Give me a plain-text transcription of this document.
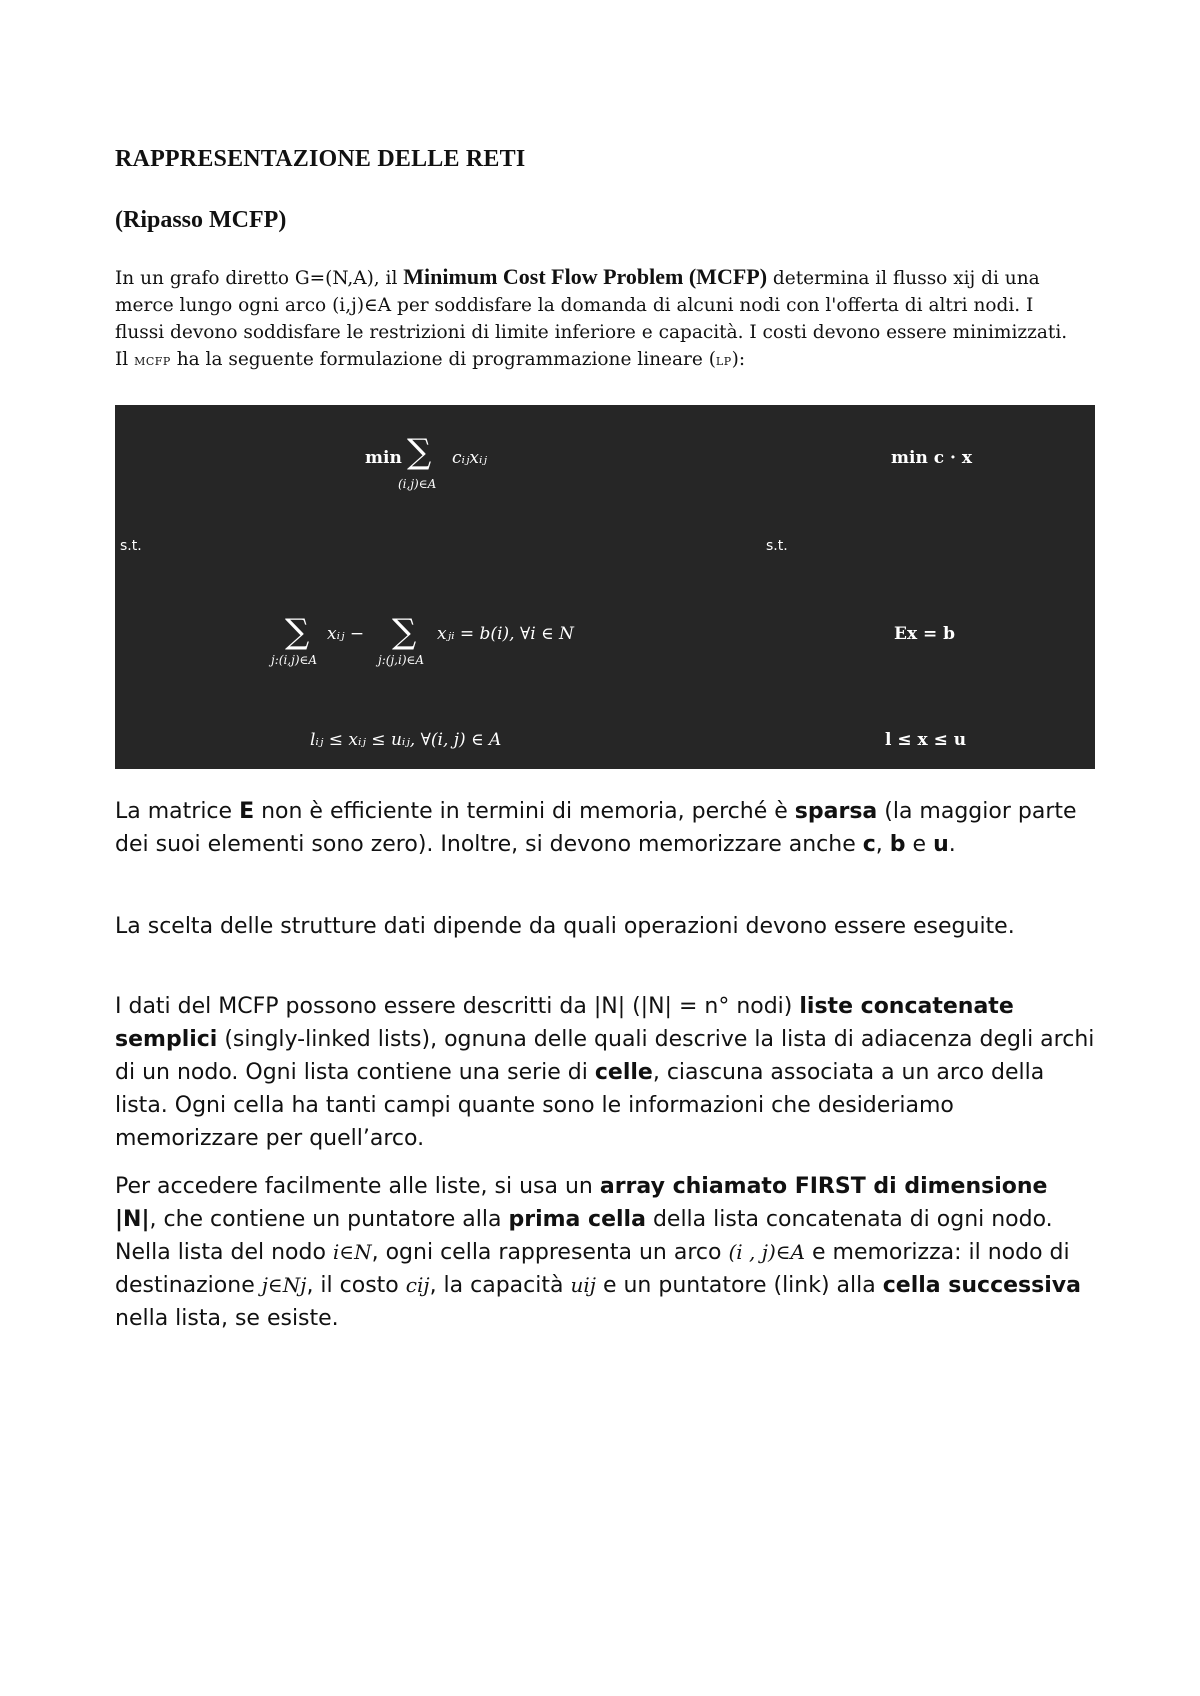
RAPPRESENTAZIONE DELLE RETI
(Ripasso MCFP)

In un grafo diretto G=(N,A), il Minimum Cost Flow Problem (MCFP) determina il flusso xij di una merce lungo ogni arco (i,j)∈A per soddisfare la domanda di alcuni nodi con l'offerta di altri nodi. I flussi devono soddisfare le restrizioni di limite inferiore e capacità. I costi devono essere minimizzati. Il mcfp ha la seguente formulazione di programmazione lineare (lp):

min ∑
(i,j)∈A
cᵢⱼxᵢⱼ
s.t.	s.t.
∑
j:(i,j)∈A
xᵢⱼ − ∑
j:(j,i)∈A
xⱼᵢ = b(i), ∀i ∈ N
lᵢⱼ ≤ xᵢⱼ ≤ uᵢⱼ, ∀(i, j) ∈ A
min c · x
Ex = b
l ≤ x ≤ u

La matrice E non è efficiente in termini di memoria, perché è sparsa (la maggior parte dei suoi elementi sono zero). Inoltre, si devono memorizzare anche c, b e u.

La scelta delle strutture dati dipende da quali operazioni devono essere eseguite.

I dati del MCFP possono essere descritti da |N| (|N| = n° nodi) liste concatenate semplici (singly-linked lists), ognuna delle quali descrive la lista di adiacenza degli archi di un nodo. Ogni lista contiene una serie di celle, ciascuna associata a un arco della lista. Ogni cella ha tanti campi quante sono le informazioni che desideriamo memorizzare per quell’arco.

Per accedere facilmente alle liste, si usa un array chiamato FIRST di dimensione |N|, che contiene un puntatore alla prima cella della lista concatenata di ogni nodo. Nella lista del nodo i∈N, ogni cella rappresenta un arco (i , j)∈A e memorizza: il nodo di destinazione j∈Nj, il costo cij, la capacità uij e un puntatore (link) alla cella successiva nella lista, se esiste.
